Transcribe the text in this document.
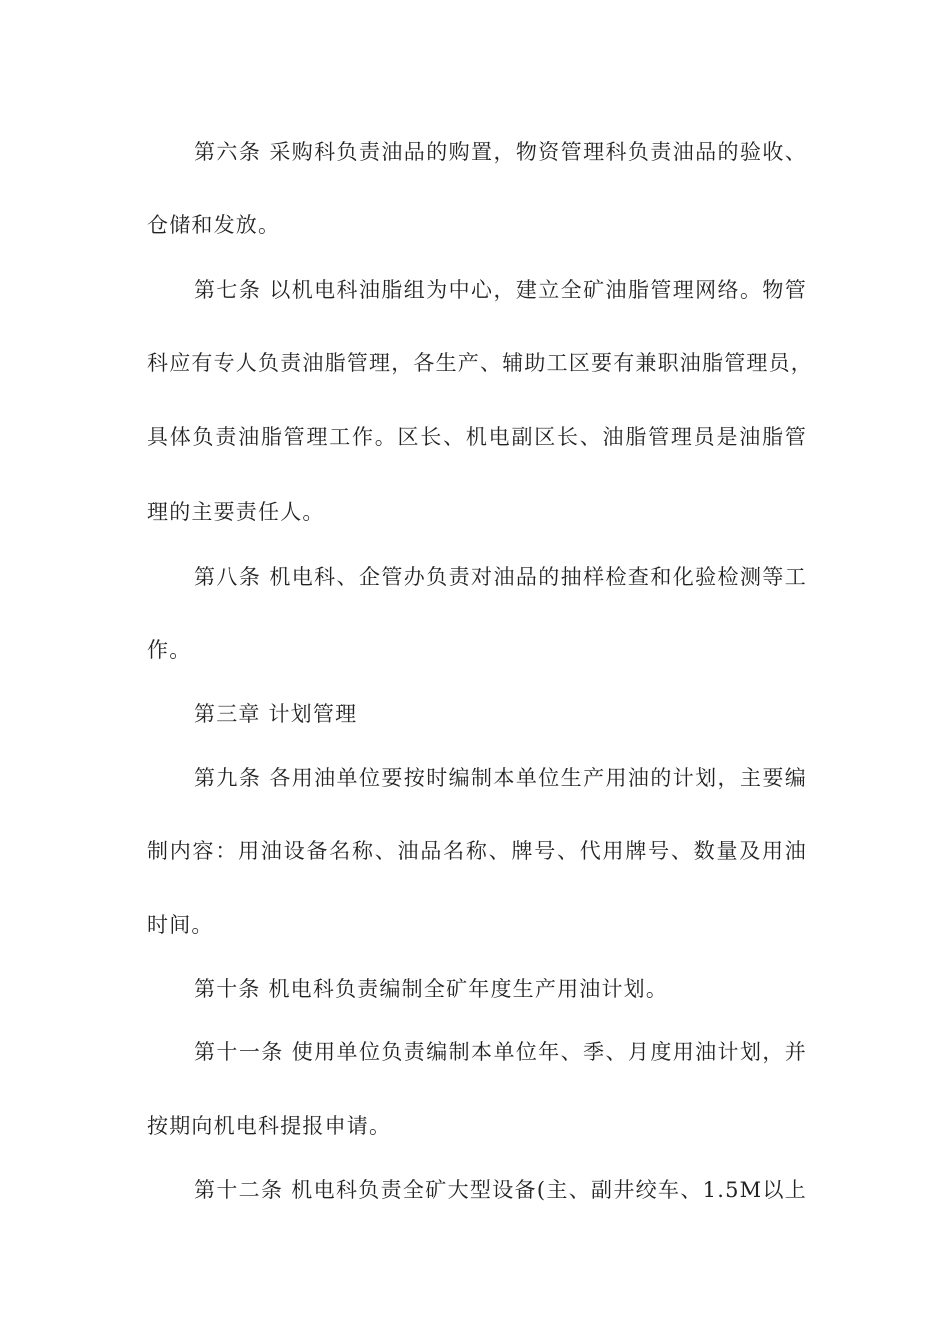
第六条 采购科负责油品的购置，物资管理科负责油品的验收、
仓储和发放。
第七条 以机电科油脂组为中心，建立全矿油脂管理网络。物管
科应有专人负责油脂管理，各生产、辅助工区要有兼职油脂管理员，
具体负责油脂管理工作。区长、机电副区长、油脂管理员是油脂管
理的主要责任人。
第八条 机电科、企管办负责对油品的抽样检查和化验检测等工
作。
第三章 计划管理
第九条 各用油单位要按时编制本单位生产用油的计划，主要编
制内容：用油设备名称、油品名称、牌号、代用牌号、数量及用油
时间。
第十条 机电科负责编制全矿年度生产用油计划。
第十一条 使用单位负责编制本单位年、季、月度用油计划，并
按期向机电科提报申请。
第十二条 机电科负责全矿大型设备(主、副井绞车、1.5M以上
